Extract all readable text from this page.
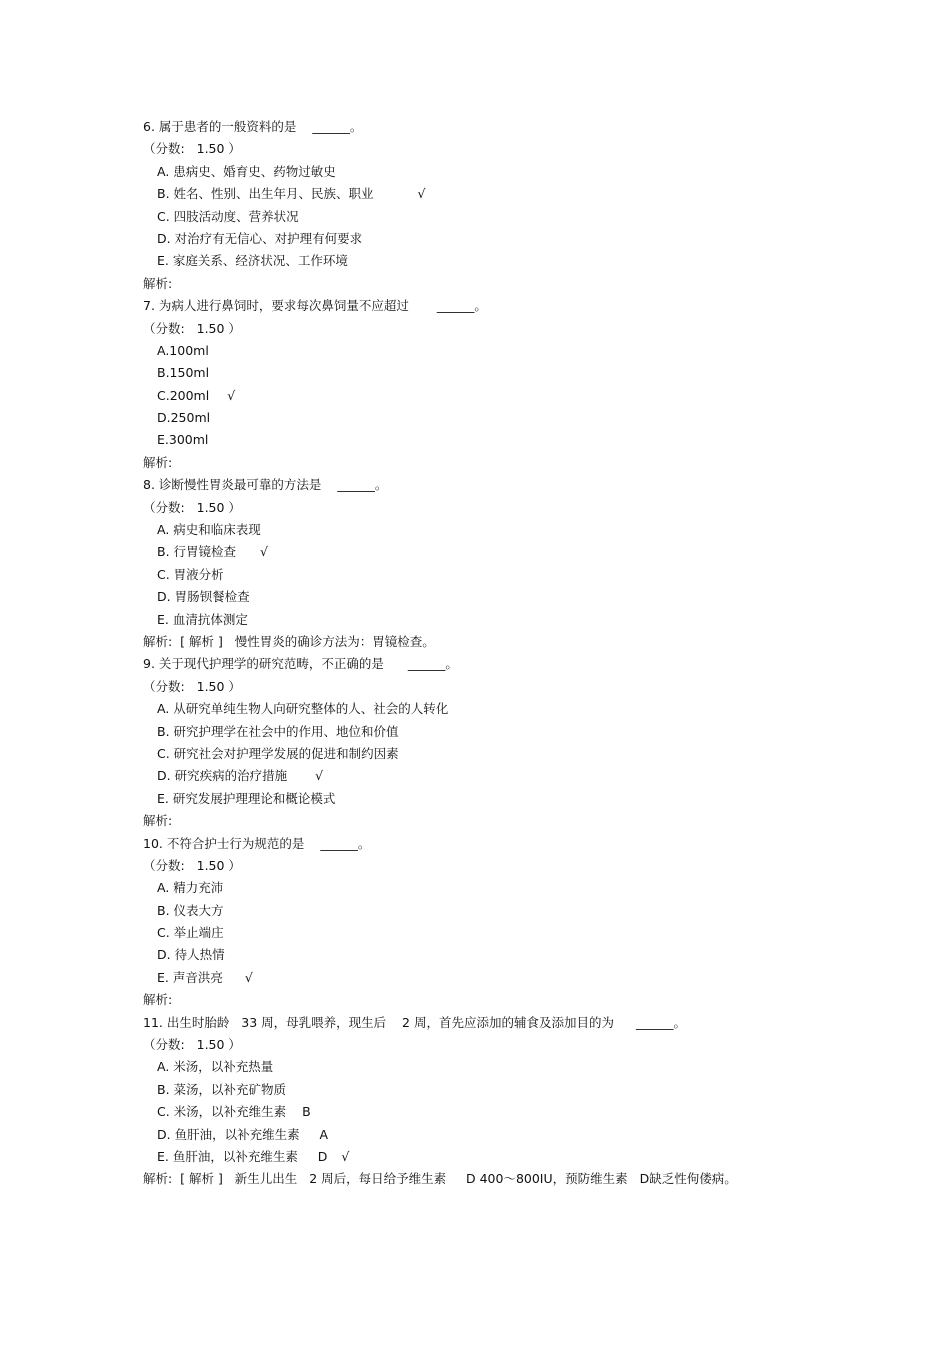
6. 属于患者的一般资料的是 ______。
（分数:   1.50 ）
A. 患病史、婚育史、药物过敏史
B. 姓名、性别、出生年月、民族、职业	√
C. 四肢活动度、营养状况
D. 对治疗有无信心、对护理有何要求
E. 家庭关系、经济状况、工作环境
解析:
7. 为病人进行鼻饲时，要求每次鼻饲量不应超过 ______。
（分数:   1.50 ）
A.100ml
B.150ml
C.200ml √
D.250ml
E.300ml
解析:
8. 诊断慢性胃炎最可靠的方法是 ______。
（分数:   1.50 ）
A. 病史和临床表现
B. 行胃镜检查 √
C. 胃液分析
D. 胃肠钡餐检查
E. 血清抗体测定
解析:  [ 解析 ]   慢性胃炎的确诊方法为：胃镜检查。
9. 关于现代护理学的研究范畴，不正确的是 ______。
（分数:   1.50 ）
A. 从研究单纯生物人向研究整体的人、社会的人转化
B. 研究护理学在社会中的作用、地位和价值
C. 研究社会对护理学发展的促进和制约因素
D. 研究疾病的治疗措施 √
E. 研究发展护理理论和概论模式
解析:
10. 不符合护士行为规范的是 ______。
（分数:   1.50 ）
A. 精力充沛
B. 仪表大方
C. 举止端庄
D. 待人热情
E. 声音洪亮 √
解析:
11. 出生时胎龄   33 周，母乳喂养，现生后    2 周，首先应添加的辅食及添加目的为 ______。
（分数:   1.50 ）
A. 米汤，以补充热量
B. 菜汤，以补充矿物质
C. 米汤，以补充维生素    B
D. 鱼肝油，以补充维生素     A
E. 鱼肝油，以补充维生素     D √
解析:  [ 解析 ]   新生儿出生   2 周后，每日给予维生素     D 400～800IU，预防维生素   D缺乏性佝偻病。
